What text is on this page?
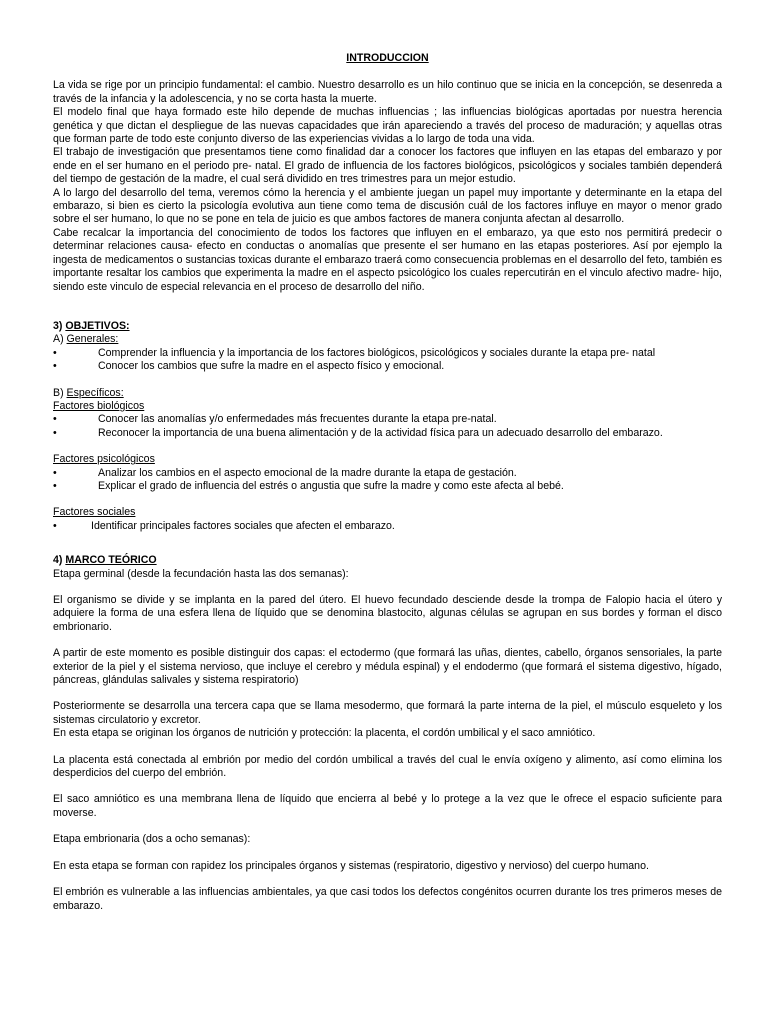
INTRODUCCION

La vida se rige por un principio fundamental: el cambio. Nuestro desarrollo es un hilo continuo que se inicia en la concepción, se desenreda a través de la infancia y la adolescencia, y no se corta hasta la muerte.

El modelo final que haya formado este hilo depende de muchas influencias ; las influencias biológicas aportadas por nuestra herencia genética y que dictan el despliegue de las nuevas capacidades que irán apareciendo a través del proceso de maduración; y aquellas otras que forman parte de todo este conjunto diverso de las experiencias vividas a lo largo de toda una vida.

El trabajo de investigación que presentamos tiene como finalidad dar a conocer los factores que influyen en las etapas del embarazo y por ende en el ser humano en el periodo pre- natal. El grado de influencia de los factores biológicos, psicológicos y sociales también dependerá del tiempo de gestación de la madre, el cual será dividido en tres trimestres para un mejor estudio.

A lo largo del desarrollo del tema, veremos cómo la herencia y el ambiente juegan un papel muy importante y determinante en la etapa del embarazo, si bien es cierto la psicología evolutiva aun tiene como tema de discusión cuál de los factores influye en mayor o menor grado sobre el ser humano, lo que no se pone en tela de juicio es que ambos factores de manera conjunta afectan al desarrollo.

Cabe recalcar la importancia del conocimiento de todos los factores que influyen en el embarazo, ya que esto nos permitirá predecir o determinar relaciones causa- efecto en conductas o anomalías que presente el ser humano en las etapas posteriores. Así por ejemplo la ingesta de medicamentos o sustancias toxicas durante el embarazo traerá como consecuencia problemas en el desarrollo del feto, también es importante resaltar los cambios que experimenta la madre en el aspecto psicológico los cuales repercutirán en el vinculo afectivo madre- hijo, siendo este vinculo de especial relevancia en el proceso de desarrollo del niño.

3) OBJETIVOS:

A) Generales:

•	Comprender la influencia y la importancia de los factores biológicos, psicológicos y sociales durante la etapa pre- natal
•	Conocer los cambios que sufre la madre en el aspecto físico y emocional.

B) Específicos:

Factores biológicos

•	Conocer las anomalías y/o enfermedades más frecuentes durante la etapa pre-natal.
•	Reconocer la importancia de una buena alimentación y de la actividad física para un adecuado desarrollo del embarazo.

Factores psicológicos

•	Analizar los cambios en el aspecto emocional de la madre durante la etapa de gestación.
•	Explicar el grado de influencia del estrés o angustia que sufre la madre y como este afecta al bebé.

Factores sociales

•	Identificar principales factores sociales que afecten el embarazo.

4) MARCO TEÓRICO

Etapa germinal (desde la fecundación hasta las dos semanas):

El organismo se divide y se implanta en la pared del útero. El huevo fecundado desciende desde la trompa de Falopio hacia el útero y adquiere la forma de una esfera llena de líquido que se denomina blastocito, algunas células se agrupan en sus bordes y forman el disco embrionario.

A partir de este momento es posible distinguir dos capas: el ectodermo (que formará las uñas, dientes, cabello, órganos sensoriales, la parte exterior de la piel y el sistema nervioso, que incluye el cerebro y médula espinal) y el endodermo (que formará el sistema digestivo, hígado, páncreas, glándulas salivales y sistema respiratorio)

Posteriormente se desarrolla una tercera capa que se llama mesodermo, que formará la parte interna de la piel, el músculo esqueleto y los sistemas circulatorio y excretor.

En esta etapa se originan los órganos de nutrición y protección: la placenta, el cordón umbilical y el saco amniótico.

La placenta está conectada al embrión por medio del cordón umbilical a través del cual le envía oxígeno y alimento, así como elimina los desperdicios del cuerpo del embrión.

El saco amniótico es una membrana llena de líquido que encierra al bebé y lo protege a la vez que le ofrece el espacio suficiente para moverse.

Etapa embrionaria (dos a ocho semanas):

En esta etapa se forman con rapidez los principales órganos y sistemas (respiratorio, digestivo y nervioso) del cuerpo humano.

El embrión es vulnerable a las influencias ambientales, ya que casi todos los defectos congénitos ocurren durante los tres primeros meses de embarazo.
